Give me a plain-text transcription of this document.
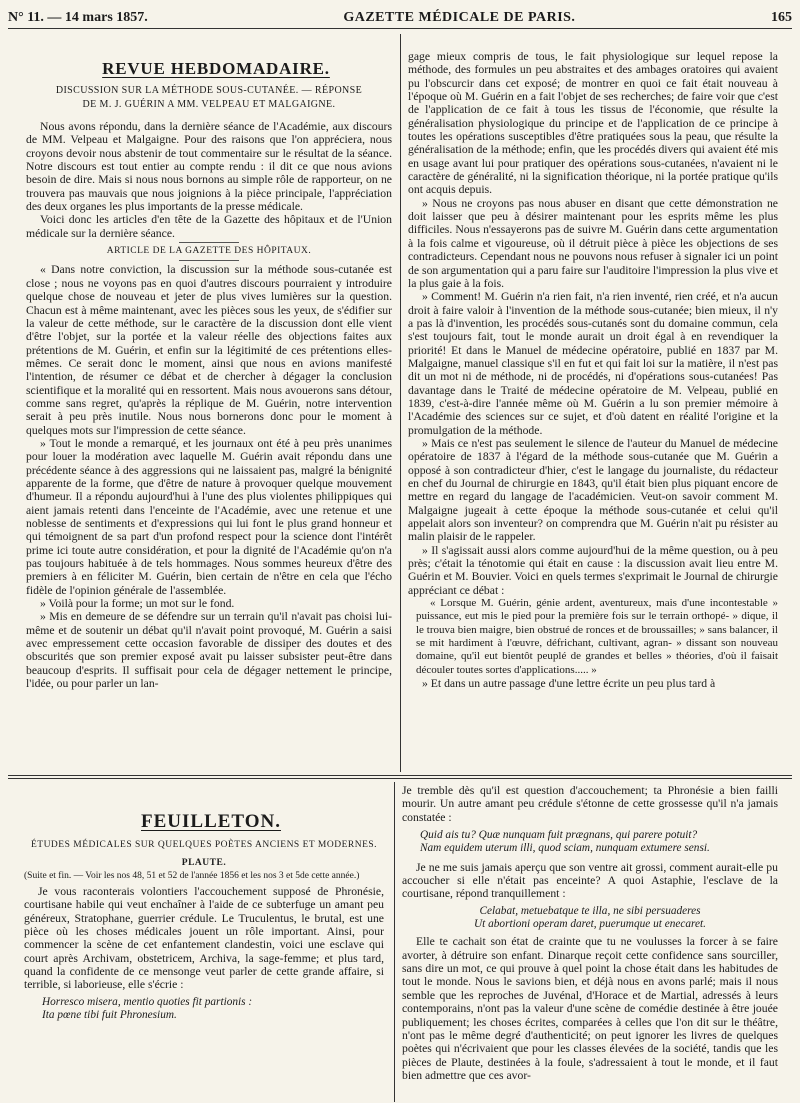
N° 11. — 14 mars 1857.	GAZETTE MÉDICALE DE PARIS.	165

REVUE HEBDOMADAIRE.

DISCUSSION SUR LA MÉTHODE SOUS-CUTANÉE. — RÉPONSE

DE M. J. GUÉRIN A MM. VELPEAU ET MALGAIGNE.

Nous avons répondu, dans la dernière séance de l'Académie, aux discours de MM. Velpeau et Malgaigne. Pour des raisons que l'on appréciera, nous croyons devoir nous abstenir de tout commentaire sur le résultat de la séance. Notre discours est tout entier au compte rendu : il dit ce que nous avions besoin de dire. Mais si nous nous bornons au simple rôle de rapporteur, on ne trouvera pas mauvais que nous joignions à la pièce principale, l'appréciation des deux organes les plus importants de la presse médicale.

Voici donc les articles d'en tête de la Gazette des hôpitaux et de l'Union médicale sur la dernière séance.

ARTICLE DE LA GAZETTE DES HÔPITAUX.

« Dans notre conviction, la discussion sur la méthode sous-cutanée est close ; nous ne voyons pas en quoi d'autres discours pourraient y introduire quelque chose de nouveau et jeter de plus vives lumières sur la question. Chacun est à même maintenant, avec les pièces sous les yeux, de s'édifier sur la valeur de cette méthode, sur le caractère de la discussion dont elle vient d'être l'objet, sur la portée et la valeur réelle des objections faites aux prétentions de M. Guérin, et enfin sur la légitimité de ces prétentions elles-mêmes. Ce serait donc le moment, ainsi que nous en avions manifesté l'intention, de résumer ce débat et de chercher à dégager la conclusion scientifique et la moralité qui en ressortent. Mais nous avouerons sans détour, comme sans regret, qu'après la réplique de M. Guérin, notre intervention serait à peu près inutile. Nous nous bornerons donc pour le moment à quelques mots sur l'impression de cette séance.

» Tout le monde a remarqué, et les journaux ont été à peu près unanimes pour louer la modération avec laquelle M. Guérin avait répondu dans une précédente séance à des aggressions qui ne laissaient pas, malgré la bénignité apparente de la forme, que d'être de nature à provoquer quelque mouvement d'humeur. Il a répondu aujourd'hui à l'une des plus violentes philippiques qui aient jamais retenti dans l'enceinte de l'Académie, avec une retenue et une noblesse de sentiments et d'expressions qui lui font le plus grand honneur et qui témoignent de sa part d'un profond respect pour la science dont l'intérêt prime ici toute autre considération, et pour la dignité de l'Académie qu'on n'a pas toujours habituée à de tels hommages. Nous sommes heureux d'être des premiers à en féliciter M. Guérin, bien certain de n'être en cela que l'écho fidèle de l'opinion générale de l'assemblée.

» Voilà pour la forme; un mot sur le fond.

» Mis en demeure de se défendre sur un terrain qu'il n'avait pas choisi lui-même et de soutenir un débat qu'il n'avait point provoqué, M. Guérin a saisi avec empressement cette occasion favorable de dissiper des doutes et des obscurités que son premier exposé avait pu laisser subsister peut-être dans beaucoup d'esprits. Il suffisait pour cela de dégager nettement le principe, l'idée, ou pour parler un lan-

gage mieux compris de tous, le fait physiologique sur lequel repose la méthode, des formules un peu abstraites et des ambages oratoires qui avaient pu l'obscurcir dans cet exposé; de montrer en quoi ce fait était nouveau à l'époque où M. Guérin en a fait l'objet de ses recherches; de faire voir que c'est de l'application de ce fait à tous les tissus de l'économie, que résulte la généralisation physiologique du principe et de l'application de ce principe à toutes les opérations susceptibles d'être pratiquées sous la peau, que résulte la généralisation de la méthode; enfin, que les procédés divers qui avaient été mis en usage avant lui pour pratiquer des opérations sous-cutanées, n'avaient ni le caractère de généralité, ni la signification théorique, ni la portée pratique qu'ils ont acquis depuis.

» Nous ne croyons pas nous abuser en disant que cette démonstration ne doit laisser que peu à désirer maintenant pour les esprits même les plus difficiles. Nous n'essayerons pas de suivre M. Guérin dans cette argumentation à la fois calme et vigoureuse, où il détruit pièce à pièce les objections de ses contradicteurs. Cependant nous ne pouvons nous refuser à signaler ici un point de son argumentation qui a paru faire sur l'auditoire l'impression la plus vive et la plus gaie à la fois.

» Comment! M. Guérin n'a rien fait, n'a rien inventé, rien créé, et n'a aucun droit à faire valoir à l'invention de la méthode sous-cutanée; bien mieux, il n'y a pas là d'invention, les procédés sous-cutanés sont du domaine commun, cela s'est toujours fait, tout le monde aurait un droit égal à en revendiquer la priorité! Et dans le Manuel de médecine opératoire, publié en 1837 par M. Malgaigne, manuel classique s'il en fut et qui fait loi sur la matière, il n'est pas dit un mot ni de méthode, ni de procédés, ni d'opérations sous-cutanées! Pas davantage dans le Traité de médecine opératoire de M. Velpeau, publié en 1839, c'est-à-dire l'année même où M. Guérin a lu son premier mémoire à l'Académie des sciences sur ce sujet, et d'où datent en réalité l'origine et la promulgation de la méthode.

» Mais ce n'est pas seulement le silence de l'auteur du Manuel de médecine opératoire de 1837 à l'égard de la méthode sous-cutanée que M. Guérin a opposé à son contradicteur d'hier, c'est le langage du journaliste, du rédacteur en chef du Journal de chirurgie en 1843, qu'il était bien plus piquant encore de mettre en regard du langage de l'académicien. Veut-on savoir comment M. Malgaigne jugeait à cette époque la méthode sous-cutanée et celui qu'il appelait alors son inventeur? on comprendra que M. Guérin n'ait pu résister au malin plaisir de le rappeler.

» Il s'agissait aussi alors comme aujourd'hui de la même question, ou à peu près; c'était la ténotomie qui était en cause : la discussion avait lieu entre M. Guérin et M. Bouvier. Voici en quels termes s'exprimait le Journal de chirurgie appréciant ce débat :

« Lorsque M. Guérin, génie ardent, aventureux, mais d'une incontestable » puissance, eut mis le pied pour la première fois sur le terrain orthopé- » dique, il le trouva bien maigre, bien obstrué de ronces et de broussailles; » sans balancer, il se mit hardiment à l'œuvre, défrichant, cultivant, agran- » dissant son nouveau domaine, qu'il eut bientôt peuplé de grandes et belles » théories, d'où il faisait découler toutes sortes d'applications..... »

» Et dans un autre passage d'une lettre écrite un peu plus tard à

FEUILLETON.

ÉTUDES MÉDICALES SUR QUELQUES POÈTES ANCIENS ET MODERNES.

PLAUTE.

(Suite et fin. — Voir les nos 48, 51 et 52 de l'année 1856 et les nos 3 et 5de cette année.)

Je vous raconterais volontiers l'accouchement supposé de Phronésie, courtisane habile qui veut enchaîner à l'aide de ce subterfuge un amant peu généreux, Stratophane, guerrier crédule. Le Truculentus, le brutal, est une pièce où les choses médicales jouent un rôle important. Ainsi, pour commencer la scène de cet enfantement clandestin, voici une esclave qui court après Archivam, obstetricem, Archiva, la sage-femme; et plus tard, quand la confidente de ce mensonge veut parler de cette grande affaire, si terrible, si laborieuse, elle s'écrie :

Horresco misera, mentio quoties fit partionis :

Ita pœne tibi fuit Phronesium.

Je tremble dès qu'il est question d'accouchement; ta Phronésie a bien failli mourir. Un autre amant peu crédule s'étonne de cette grossesse qu'il n'a jamais constatée :

Quid ais tu? Quæ nunquam fuit prægnans, qui parere potuit?

Nam equidem uterum illi, quod sciam, nunquam extumere sensi.

Je ne me suis jamais aperçu que son ventre ait grossi, comment aurait-elle pu accoucher si elle n'était pas enceinte? A quoi Astaphie, l'esclave de la courtisane, répond tranquillement :

Celabat, metuebatque te illa, ne sibi persuaderes

Ut abortioni operam daret, puerumque ut enecaret.

Elle te cachait son état de crainte que tu ne voulusses la forcer à se faire avorter, à détruire son enfant. Dinarque reçoit cette confidence sans sourciller, sans dire un mot, ce qui prouve à quel point la chose était dans les habitudes de tout le monde. Nous le savions bien, et déjà nous en avons parlé; mais il nous semble que les reproches de Juvénal, d'Horace et de Martial, adressés à leurs contemporains, n'ont pas la valeur d'une scène de comédie destinée à être jouée publiquement; les choses écrites, comparées à celles que l'on dit sur le théâtre, n'ont pas le même degré d'authenticité; on peut ignorer les livres de quelques poètes qui n'écrivaient que pour les classes élevées de la société, tandis que les pièces de Plaute, destinées à la foule, s'adressaient à tout le monde, et il faut bien admettre que ces avor-
